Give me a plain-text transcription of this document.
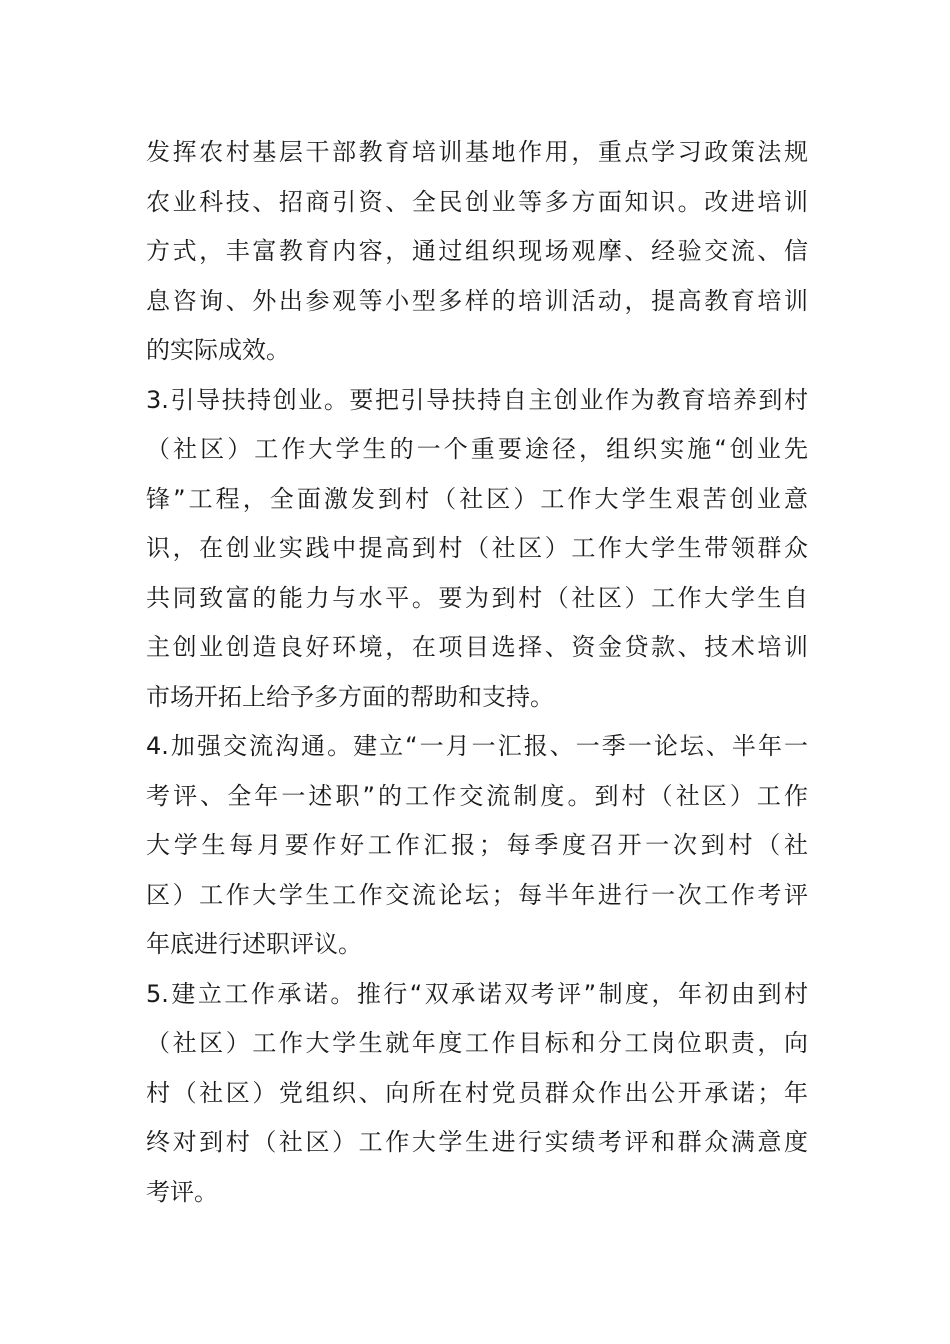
发挥农村基层干部教育培训基地作用，重点学习政策法规
农业科技、招商引资、全民创业等多方面知识。改进培训
方式，丰富教育内容，通过组织现场观摩、经验交流、信
息咨询、外出参观等小型多样的培训活动，提高教育培训
的实际成效。
3.引导扶持创业。要把引导扶持自主创业作为教育培养到村
（社区）工作大学生的一个重要途径，组织实施“创业先
锋”工程，全面激发到村（社区）工作大学生艰苦创业意
识，在创业实践中提高到村（社区）工作大学生带领群众
共同致富的能力与水平。要为到村（社区）工作大学生自
主创业创造良好环境，在项目选择、资金贷款、技术培训
市场开拓上给予多方面的帮助和支持。
4.加强交流沟通。建立“一月一汇报、一季一论坛、半年一
考评、全年一述职”的工作交流制度。到村（社区）工作
大学生每月要作好工作汇报；每季度召开一次到村（社
区）工作大学生工作交流论坛；每半年进行一次工作考评
年底进行述职评议。
5.建立工作承诺。推行“双承诺双考评”制度，年初由到村
（社区）工作大学生就年度工作目标和分工岗位职责，向
村（社区）党组织、向所在村党员群众作出公开承诺；年
终对到村（社区）工作大学生进行实绩考评和群众满意度
考评。
